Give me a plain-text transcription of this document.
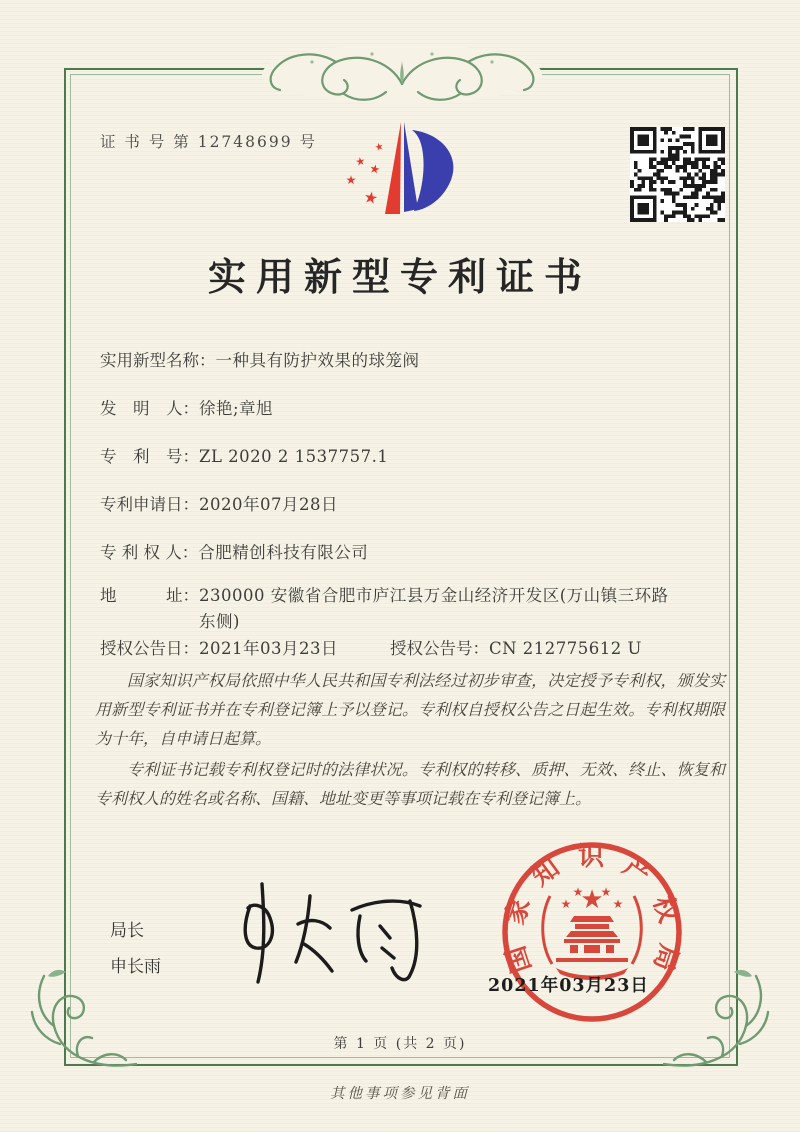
证 书 号 第 12748699 号	★
★
★
★
★
实用新型专利证书
实用新型名称： 一种具有防护效果的球笼阀
发　明　人： 徐艳;章旭
专　利　号： ZL 2020 2 1537757.1
专利申请日： 2020年07月28日
专 利 权 人： 合肥精创科技有限公司
地　　　址： 230000 安徽省合肥市庐江县万金山经济开发区(万山镇三环路东侧)
授权公告日： 2021年03月23日	授权公告号： CN 212775612 U

国家知识产权局依照中华人民共和国专利法经过初步审查，决定授予专利权，颁发实用新型专利证书并在专利登记簿上予以登记。专利权自授权公告之日起生效。专利权期限为十年，自申请日起算。

专利证书记载专利权登记时的法律状况。专利权的转移、质押、无效、终止、恢复和专利权人的姓名或名称、国籍、地址变更等事项记载在专利登记簿上。

局长
申长雨	国家知识产权局
★
★
★ ★
★
2021年03月23日
第 1 页 (共 2 页)
其他事项参见背面
